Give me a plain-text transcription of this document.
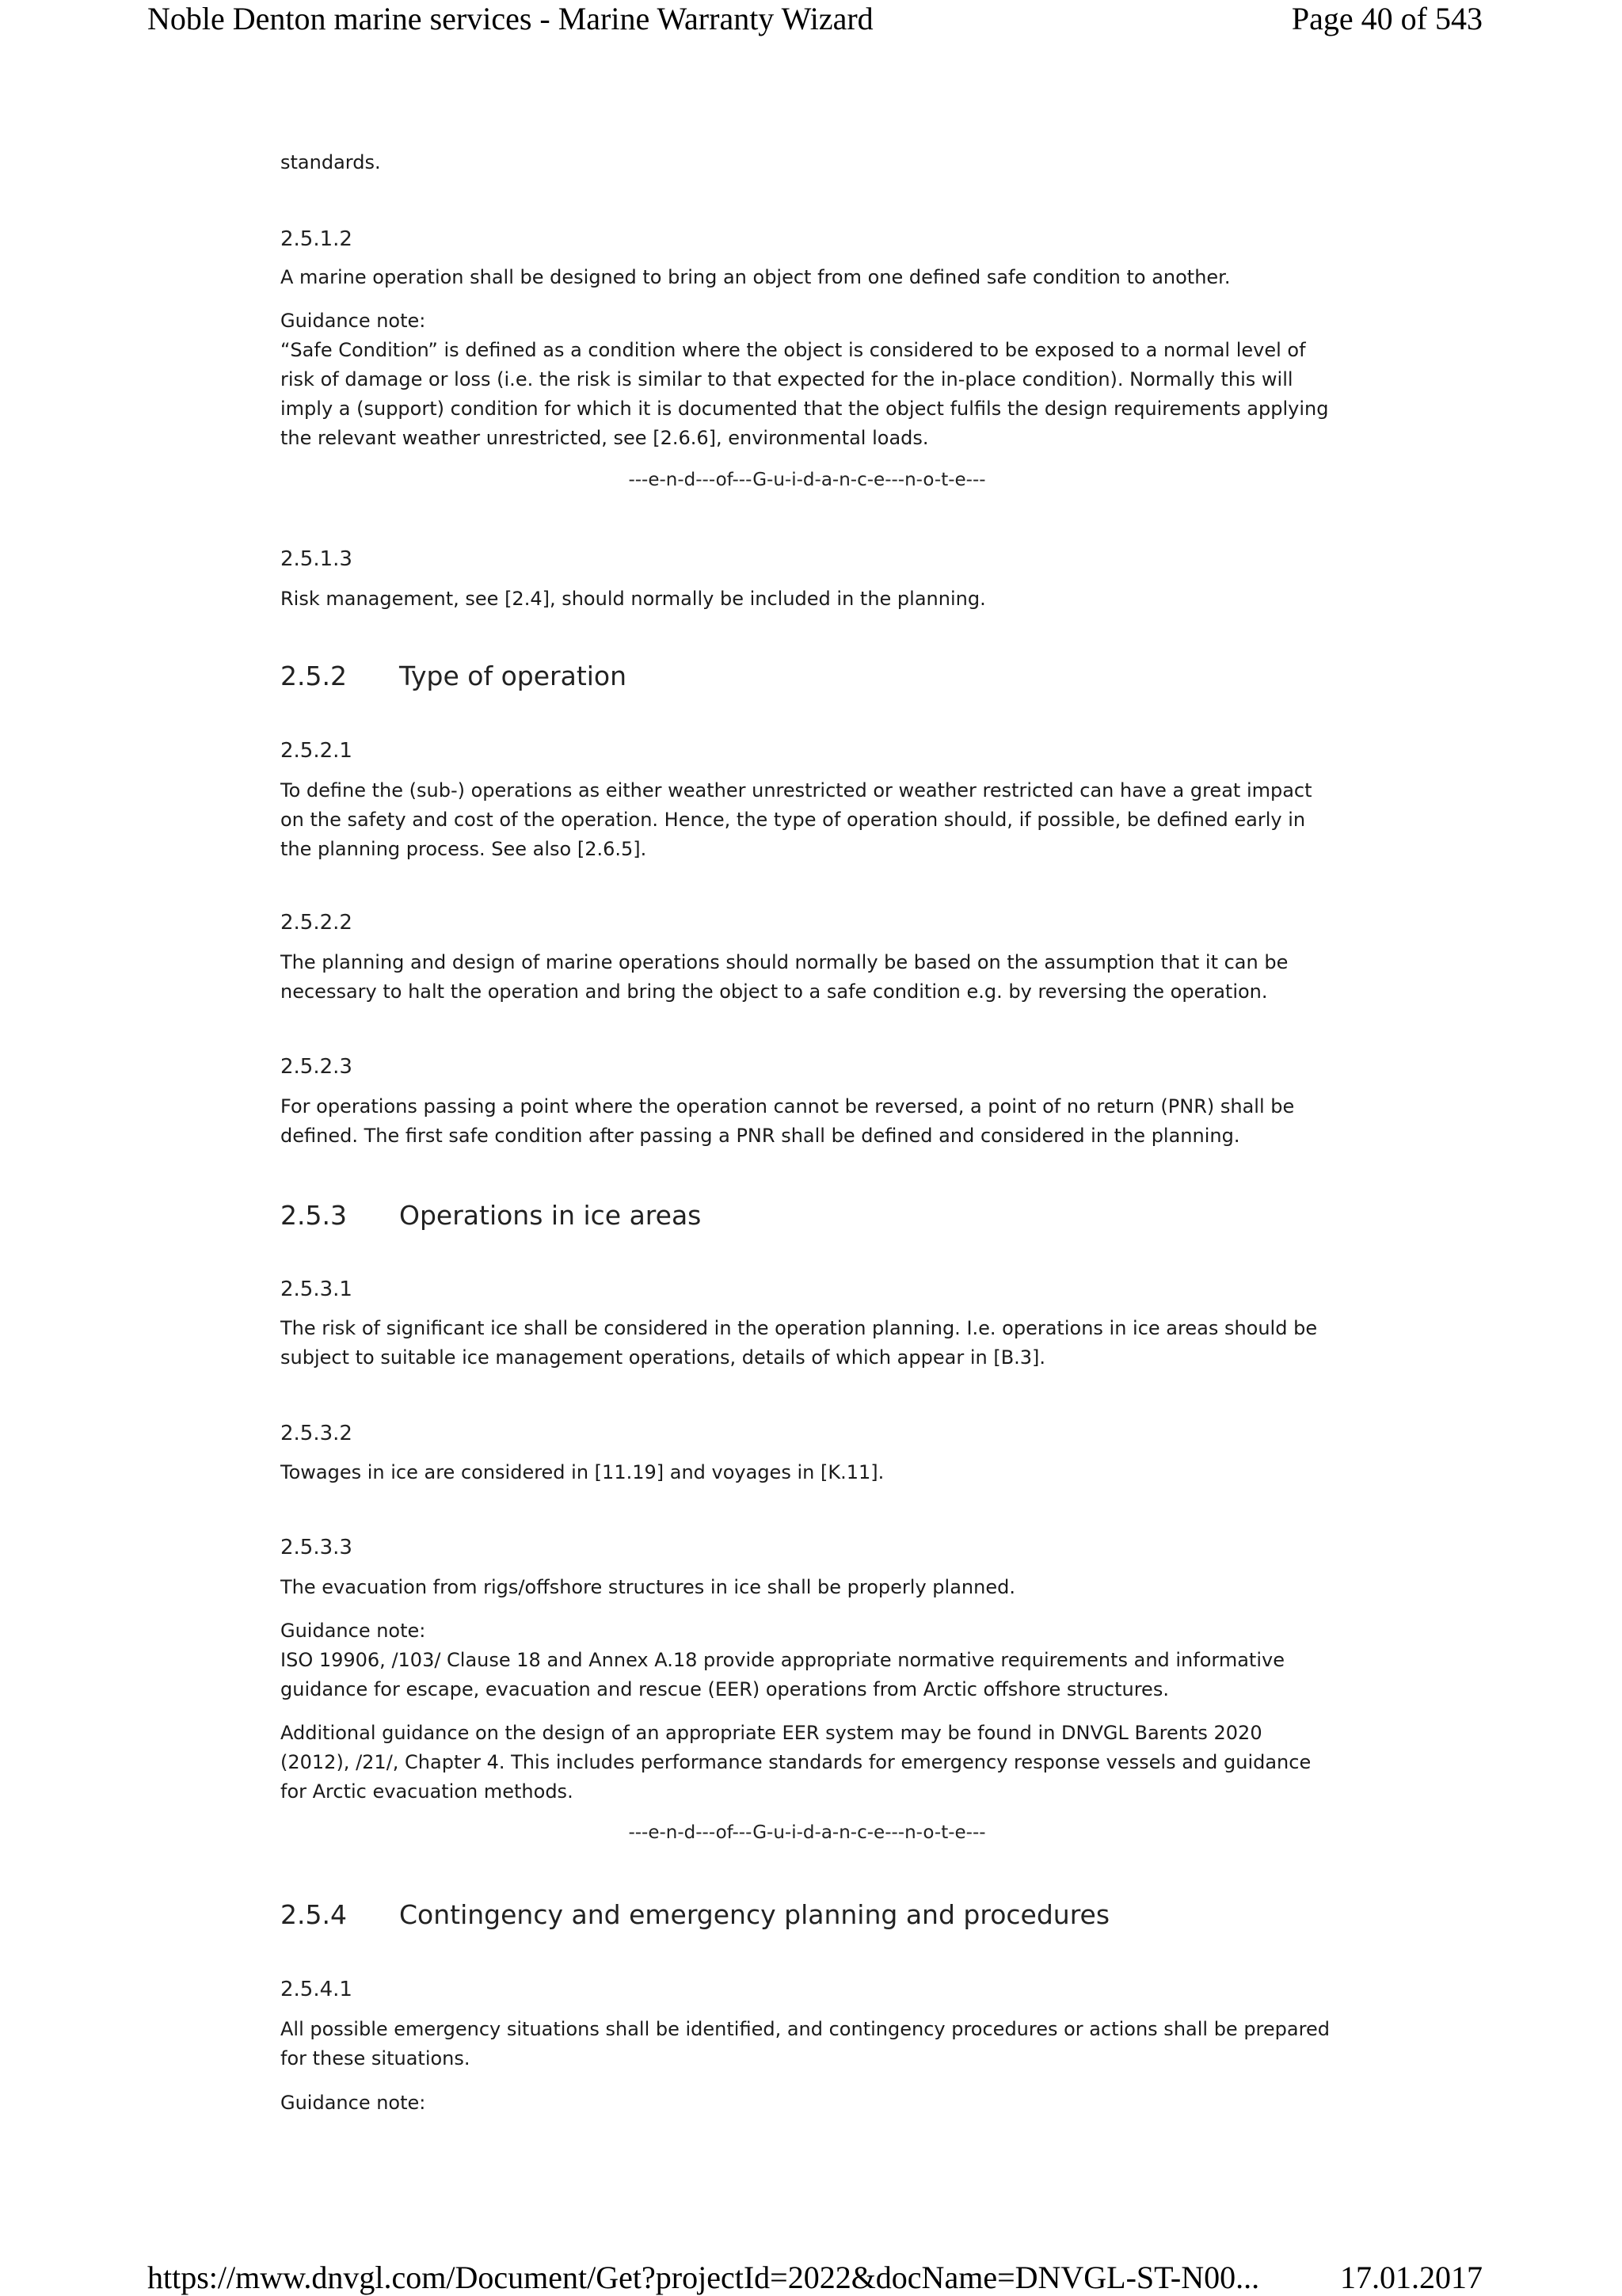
Noble Denton marine services - Marine Warranty Wizard	Page 40 of 543
standards.
2.5.1.2
A marine operation shall be designed to bring an object from one defined safe condition to another.
Guidance note:
“Safe Condition” is defined as a condition where the object is considered to be exposed to a normal level of risk of damage or loss (i.e. the risk is similar to that expected for the in-place condition). Normally this will imply a (support) condition for which it is documented that the object fulfils the design requirements applying the relevant weather unrestricted, see [2.6.6], environmental loads.
---e-n-d---of---G-u-i-d-a-n-c-e---n-o-t-e---
2.5.1.3
Risk management, see [2.4], should normally be included in the planning.
2.5.2 Type of operation
2.5.2.1
To define the (sub-) operations as either weather unrestricted or weather restricted can have a great impact on the safety and cost of the operation. Hence, the type of operation should, if possible, be defined early in the planning process. See also [2.6.5].
2.5.2.2
The planning and design of marine operations should normally be based on the assumption that it can be necessary to halt the operation and bring the object to a safe condition e.g. by reversing the operation.
2.5.2.3
For operations passing a point where the operation cannot be reversed, a point of no return (PNR) shall be defined. The first safe condition after passing a PNR shall be defined and considered in the planning.
2.5.3 Operations in ice areas
2.5.3.1
The risk of significant ice shall be considered in the operation planning. I.e. operations in ice areas should be subject to suitable ice management operations, details of which appear in [B.3].
2.5.3.2
Towages in ice are considered in [11.19] and voyages in [K.11].
2.5.3.3
The evacuation from rigs/offshore structures in ice shall be properly planned.
Guidance note:
ISO 19906, /103/ Clause 18 and Annex A.18 provide appropriate normative requirements and informative guidance for escape, evacuation and rescue (EER) operations from Arctic offshore structures.
Additional guidance on the design of an appropriate EER system may be found in DNVGL Barents 2020 (2012), /21/, Chapter 4. This includes performance standards for emergency response vessels and guidance for Arctic evacuation methods.
---e-n-d---of---G-u-i-d-a-n-c-e---n-o-t-e---
2.5.4 Contingency and emergency planning and procedures
2.5.4.1
All possible emergency situations shall be identified, and contingency procedures or actions shall be prepared for these situations.
Guidance note:
https://mww.dnvgl.com/Document/Get?projectId=2022&docName=DNVGL-ST-N00...	17.01.2017
